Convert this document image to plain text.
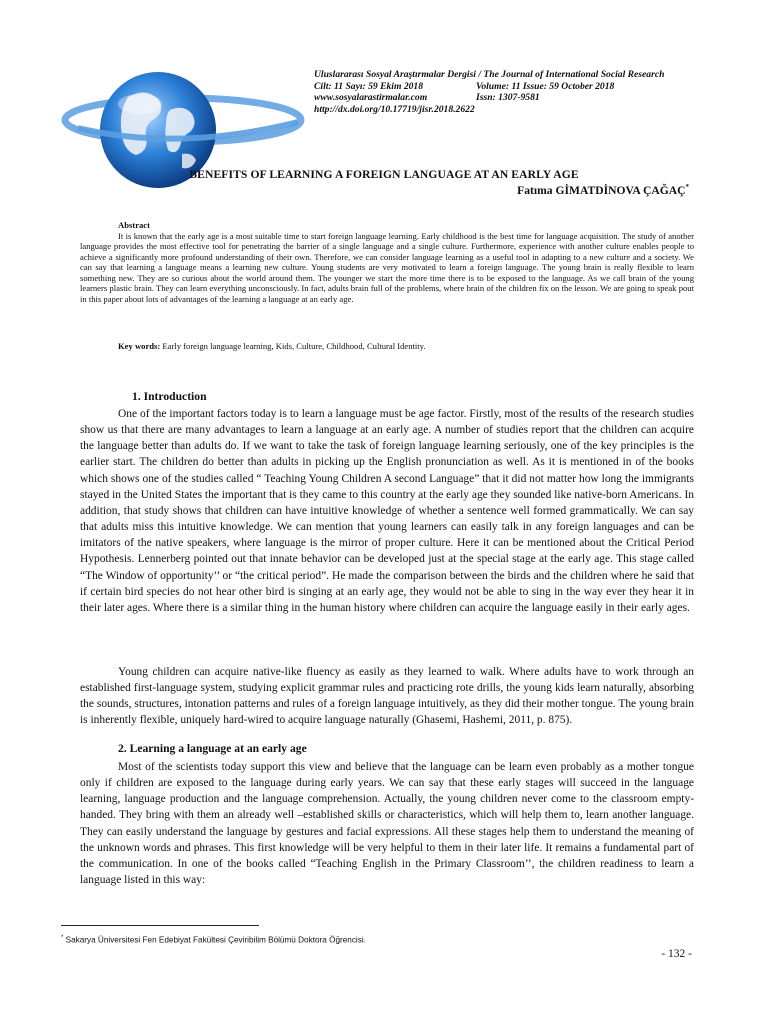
Uluslararası Sosyal Araştırmalar Dergisi / The Journal of International Social Research
Cilt: 11 Sayı: 59 Ekim 2018	Volume: 11 Issue: 59 October 2018
www.sosyalarastirmalar.com	Issn: 1307-9581
http://dx.doi.org/10.17719/jisr.2018.2622
BENEFITS OF LEARNING A FOREIGN LANGUAGE AT AN EARLY AGE
Fatıma GİMATDİNOVA ÇAĞAÇ*
Abstract

It is known that the early age is a most suitable time to start foreign language learning. Early childhood is the best time for language acquisition. The study of another language provides the most effective tool for penetrating the barrier of a single language and a single culture. Furthermore, experience with another culture enables people to achieve a significantly more profound understanding of their own. Therefore, we can consider language learning as a useful tool in adapting to a new culture and a society. We can say that learning a language means a learning new culture. Young students are very motivated to learn a foreign language. The young brain is really flexible to learn something new. They are so curious about the world around them. The younger we start the more time there is to be exposed to the language. As we call brain of the young learners plastic brain. They can learn everything unconsciously. In fact, adults brain full of the problems, where brain of the children fix on the lesson. We are going to speak pout in this paper about lots of advantages of the learning a language at an early age.

Key words: Early foreign language learning, Kids, Culture, Childhood, Cultural Identity.
1. Introduction

One of the important factors today is to learn a language must be age factor. Firstly, most of the results of the research studies show us that there are many advantages to learn a language at an early age. A number of studies report that the children can acquire the language better than adults do. If we want to take the task of foreign language learning seriously, one of the key principles is the earlier start. The children do better than adults in picking up the English pronunciation as well. As it is mentioned in of the books which shows one of the studies called “ Teaching Young Children A second Language” that it did not matter how long the immigrants stayed in the United States the important that is they came to this country at the early age they sounded like native-born Americans. In addition, that study shows that children can have intuitive knowledge of whether a sentence well formed grammatically. We can say that adults miss this intuitive knowledge. We can mention that young learners can easily talk in any foreign languages and can be imitators of the native speakers, where language is the mirror of proper culture. Here it can be mentioned about the Critical Period Hypothesis. Lennerberg pointed out that innate behavior can be developed just at the special stage at the early age. This stage called “The Window of opportunity’’ or “the critical period”. He made the comparison between the birds and the children where he said that if certain bird species do not hear other bird is singing at an early age, they would not be able to sing in the way ever they hear it in their later ages. Where there is a similar thing in the human history where children can acquire the language easily in their early ages.

Young children can acquire native-like fluency as easily as they learned to walk. Where adults have to work through an established first-language system, studying explicit grammar rules and practicing rote drills, the young kids learn naturally, absorbing the sounds, structures, intonation patterns and rules of a foreign language intuitively, as they did their mother tongue. The young brain is inherently flexible, uniquely hard-wired to acquire language naturally (Ghasemi, Hashemi, 2011, p. 875).

2. Learning a language at an early age

Most of the scientists today support this view and believe that the language can be learn even probably as a mother tongue only if children are exposed to the language during early years. We can say that these early stages will succeed in the language learning, language production and the language comprehension. Actually, the young children never come to the classroom empty-handed. They bring with them an already well –established skills or characteristics, which will help them to, learn another language. They can easily understand the language by gestures and facial expressions. All these stages help them to understand the meaning of the unknown words and phrases. This first knowledge will be very helpful to them in their later life. It remains a fundamental part of the communication. In one of the books called “Teaching English in the Primary Classroom’’, the children readiness to learn a language listed in this way:

* Sakarya Üniversitesi Fen Edebiyat Fakültesi Çeviribilim Bölümü Doktora Öğrencisi.
- 132 -
